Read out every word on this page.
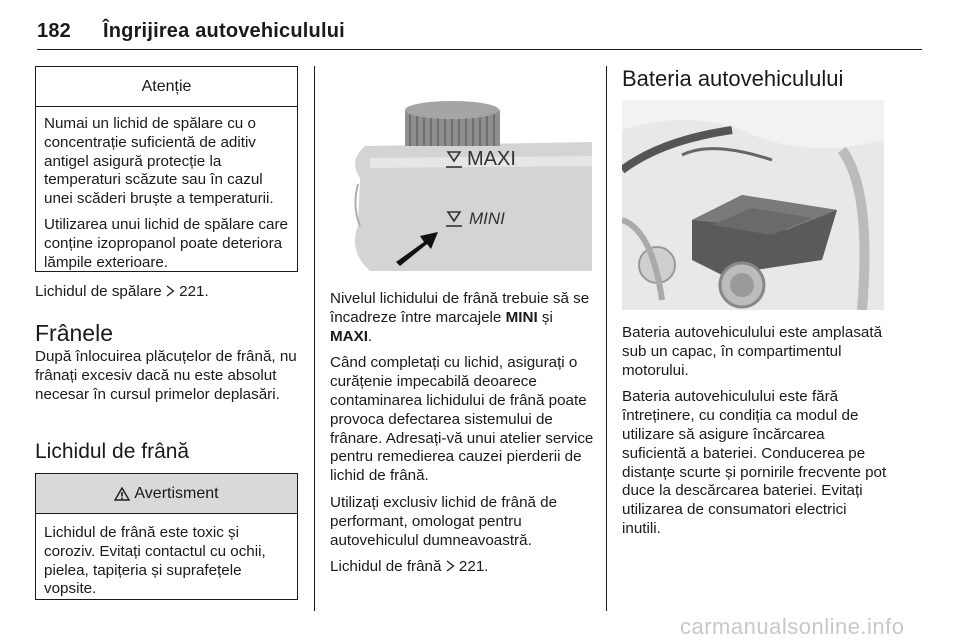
182 Îngrijirea autovehiculului
Atenție

Numai un lichid de spălare cu o concentrație suficientă de aditiv antigel asigură protecție la temperaturi scăzute sau în cazul unei scăderi bruște a temperaturii.

Utilizarea unui lichid de spălare care conține izopropanol poate deteriora lămpile exterioare.

Lichidul de spălare 221.
Frânele
După înlocuirea plăcuțelor de frână, nu frânați excesiv dacă nu este absolut necesar în cursul primelor deplasări.
Lichidul de frână
Avertisment
Lichidul de frână este toxic și coroziv. Evitați contactul cu ochii, pielea, tapițeria și suprafețele vopsite.
MAXI
MINI

Nivelul lichidului de frână trebuie să se încadreze între marcajele MINI și MAXI.

Când completați cu lichid, asigurați o curățenie impecabilă deoarece contaminarea lichidului de frână poate provoca defectarea sistemului de frânare. Adresați-vă unui atelier service pentru remedierea cauzei pierderii de lichid de frână.

Utilizați exclusiv lichid de frână de performant, omologat pentru autovehiculul dumneavoastră.

Lichidul de frână 221.

Bateria autovehiculului

Bateria autovehiculului este amplasată sub un capac, în compartimentul motorului.

Bateria autovehiculului este fără întreținere, cu condiția ca modul de utilizare să asigure încărcarea suficientă a bateriei. Conducerea pe distanțe scurte și pornirile frecvente pot duce la descărcarea bateriei. Evitați utilizarea de consumatori electrici inutili.

carmanualsonline.info
